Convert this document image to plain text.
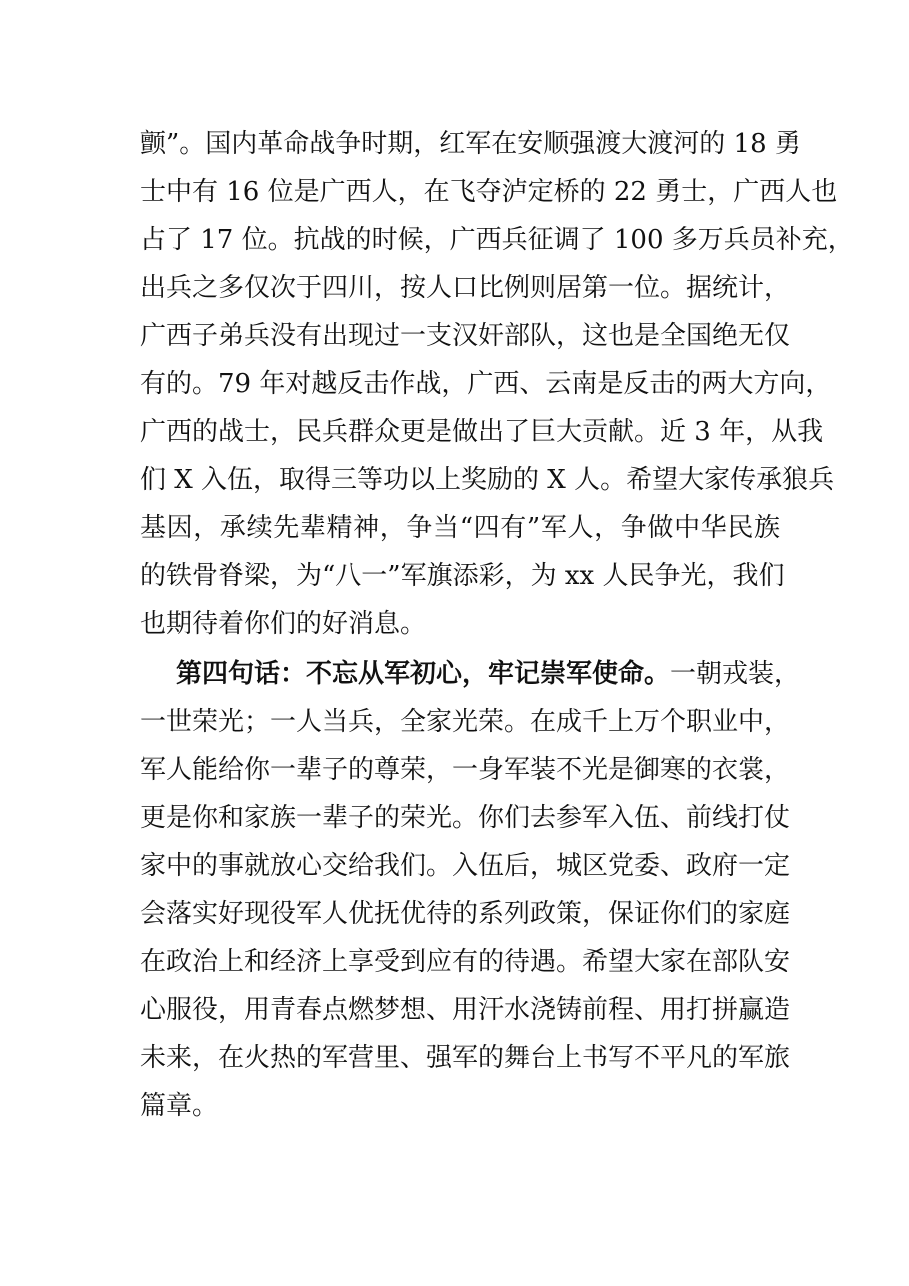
颤”。国内革命战争时期，红军在安顺强渡大渡河的 18 勇
士中有 16 位是广西人，在飞夺泸定桥的 22 勇士，广西人也
占了 17 位。抗战的时候，广西兵征调了 100 多万兵员补充，
出兵之多仅次于四川，按人口比例则居第一位。据统计，
广西子弟兵没有出现过一支汉奸部队，这也是全国绝无仅
有的。79 年对越反击作战，广西、云南是反击的两大方向，
广西的战士，民兵群众更是做出了巨大贡献。近 3 年，从我
们 X 入伍，取得三等功以上奖励的 X 人。希望大家传承狼兵
基因，承续先辈精神，争当“四有”军人，争做中华民族
的铁骨脊梁，为“八一”军旗添彩，为 xx 人民争光，我们
也期待着你们的好消息。
第四句话：不忘从军初心，牢记崇军使命。一朝戎装，
一世荣光；一人当兵，全家光荣。在成千上万个职业中，
军人能给你一辈子的尊荣，一身军装不光是御寒的衣裳，
更是你和家族一辈子的荣光。你们去参军入伍、前线打仗
家中的事就放心交给我们。入伍后，城区党委、政府一定
会落实好现役军人优抚优待的系列政策，保证你们的家庭
在政治上和经济上享受到应有的待遇。希望大家在部队安
心服役，用青春点燃梦想、用汗水浇铸前程、用打拼赢造
未来，在火热的军营里、强军的舞台上书写不平凡的军旅
篇章。
